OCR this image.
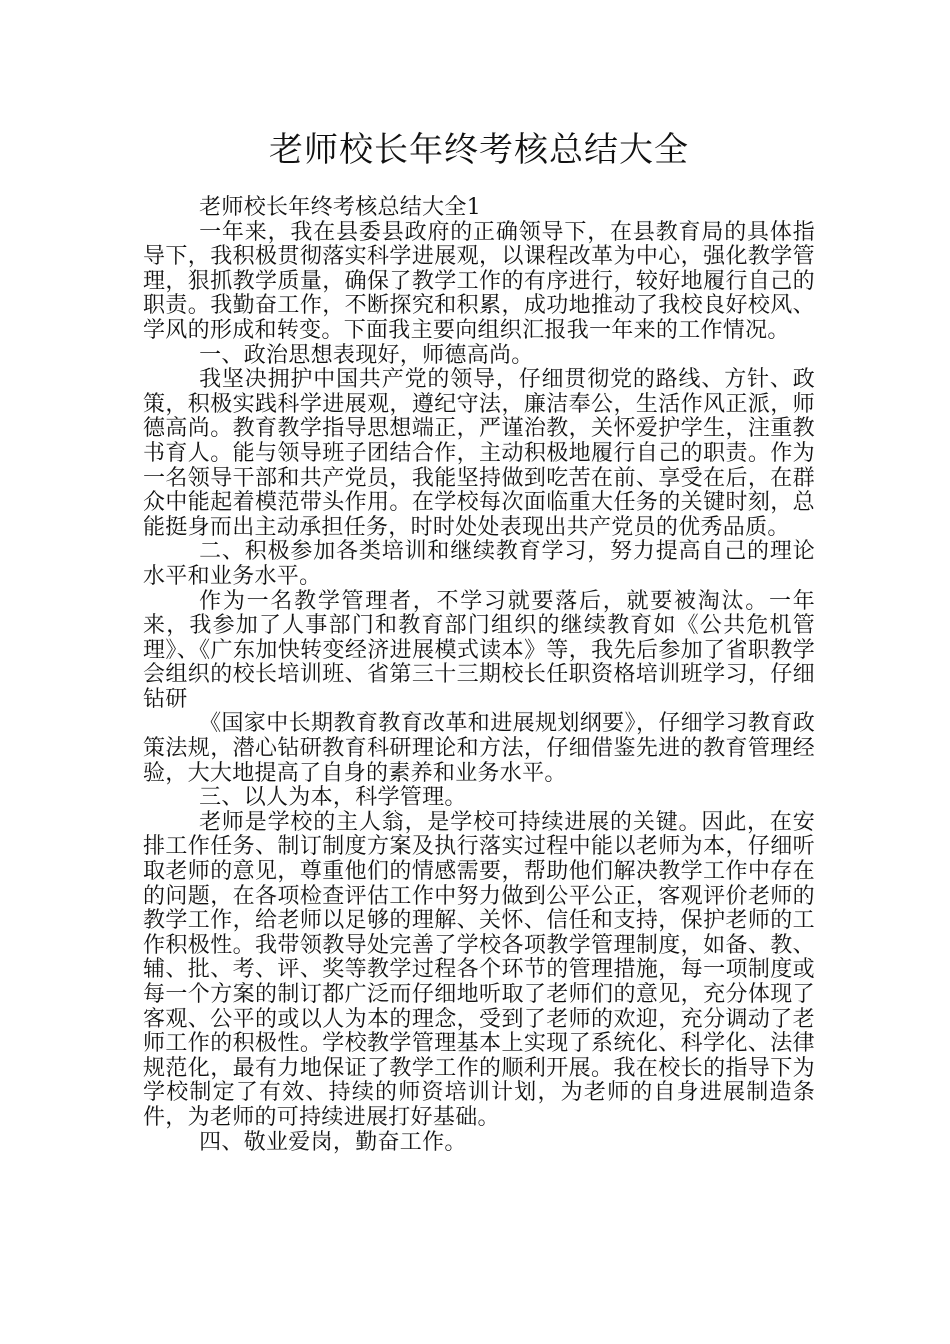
老师校长年终考核总结大全

老师校长年终考核总结大全1

一年来，我在县委县政府的正确领导下，在县教育局的具体指导下，我积极贯彻落实科学进展观，以课程改革为中心，强化教学管理，狠抓教学质量，确保了教学工作的有序进行，较好地履行自己的职责。我勤奋工作，不断探究和积累，成功地推动了我校良好校风、学风的形成和转变。下面我主要向组织汇报我一年来的工作情况。

一、政治思想表现好，师德高尚。

我坚决拥护中国共产党的领导，仔细贯彻党的路线、方针、政策，积极实践科学进展观，遵纪守法，廉洁奉公，生活作风正派，师德高尚。教育教学指导思想端正，严谨治教，关怀爱护学生，注重教书育人。能与领导班子团结合作，主动积极地履行自己的职责。作为一名领导干部和共产党员，我能坚持做到吃苦在前、享受在后，在群众中能起着模范带头作用。在学校每次面临重大任务的关键时刻，总能挺身而出主动承担任务，时时处处表现出共产党员的优秀品质。

二、积极参加各类培训和继续教育学习，努力提高自己的理论水平和业务水平。

作为一名教学管理者，不学习就要落后，就要被淘汰。一年来，我参加了人事部门和教育部门组织的继续教育如《公共危机管理》、《广东加快转变经济进展模式读本》等，我先后参加了省职教学会组织的校长培训班、省第三十三期校长任职资格培训班学习，仔细钻研

《国家中长期教育教育改革和进展规划纲要》，仔细学习教育政策法规，潜心钻研教育科研理论和方法，仔细借鉴先进的教育管理经验，大大地提高了自身的素养和业务水平。

三、以人为本，科学管理。

老师是学校的主人翁，是学校可持续进展的关键。因此，在安排工作任务、制订制度方案及执行落实过程中能以老师为本，仔细听取老师的意见，尊重他们的情感需要，帮助他们解决教学工作中存在的问题，在各项检查评估工作中努力做到公平公正，客观评价老师的教学工作，给老师以足够的理解、关怀、信任和支持，保护老师的工作积极性。我带领教导处完善了学校各项教学管理制度，如备、教、辅、批、考、评、奖等教学过程各个环节的管理措施，每一项制度或每一个方案的制订都广泛而仔细地听取了老师们的意见，充分体现了客观、公平的或以人为本的理念，受到了老师的欢迎，充分调动了老师工作的积极性。学校教学管理基本上实现了系统化、科学化、法律规范化，最有力地保证了教学工作的顺利开展。我在校长的指导下为学校制定了有效、持续的师资培训计划，为老师的自身进展制造条件，为老师的可持续进展打好基础。

四、敬业爱岗，勤奋工作。
